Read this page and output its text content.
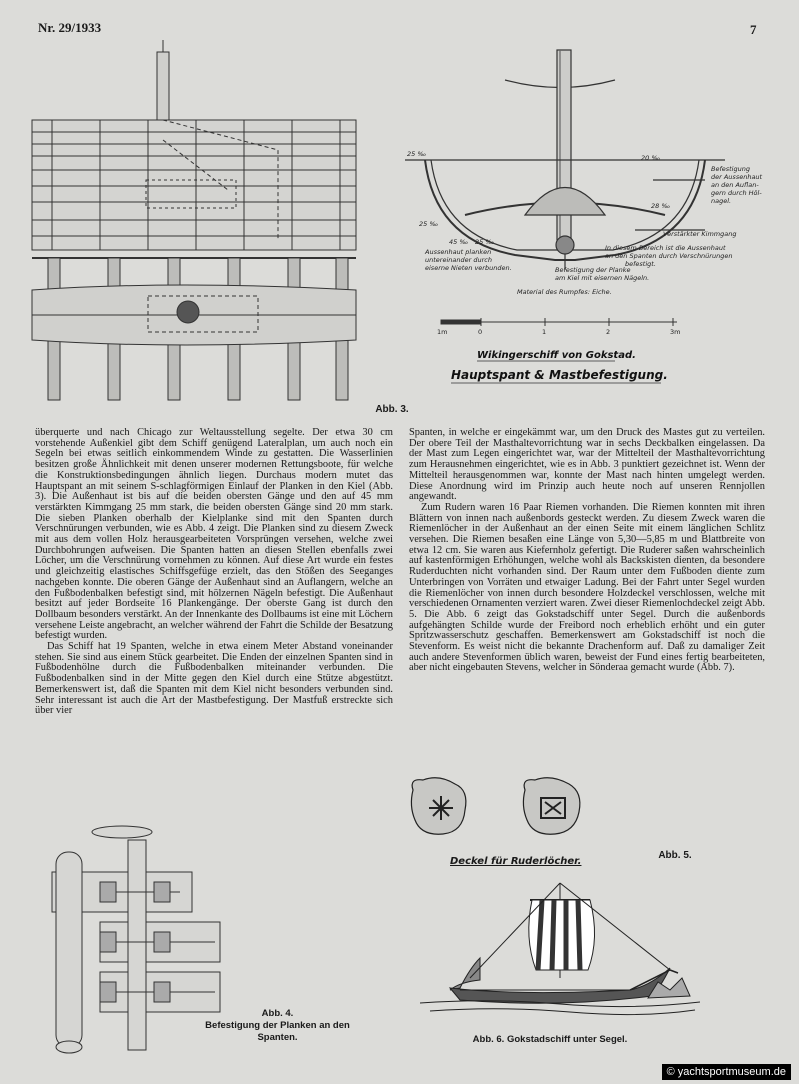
Nr. 29/1933	7
Befestigung
der Aussenhaut
an den Auflan-
gern durch Höl-
nagel.
Verstärkter Kimmgang
Aussenhaut planken
untereinander durch
eiserne Nieten verbunden.
In diesem Bereich ist die Aussenhaut
an den Spanten durch Verschnürungen
befestigt.
Befestigung der Planke
am Kiel mit eisernen Nägeln.
Material des Rumpfes: Eiche.
25 ‰
25 ‰
45 ‰ 25 ‰
20 ‰
28 ‰
1m	0	1	2	3m
Wikingerschiff von Gokstad.
Hauptspant & Mastbefestigung.
Abb. 3.

überquerte und nach Chicago zur Weltausstellung segelte. Der etwa 30 cm vorstehende Außenkiel gibt dem Schiff genügend Lateralplan, um auch noch ein Segeln bei etwas seitlich einkommendem Winde zu gestatten. Die Wasserlinien besitzen große Ähnlichkeit mit denen unserer modernen Rettungsboote, für welche die Konstruktionsbedingungen ähnlich liegen. Durchaus modern mutet das Hauptspant an mit seinem S-schlagförmigen Einlauf der Planken in den Kiel (Abb. 3). Die Außenhaut ist bis auf die beiden obersten Gänge und den auf 45 mm verstärkten Kimmgang 25 mm stark, die beiden obersten Gänge sind 20 mm stark. Die sieben Planken oberhalb der Kielplanke sind mit den Spanten durch Verschnürungen verbunden, wie es Abb. 4 zeigt. Die Planken sind zu diesem Zweck mit aus dem vollen Holz herausgearbeiteten Vorsprüngen versehen, welche zwei Durchbohrungen aufweisen. Die Spanten hatten an diesen Stellen ebenfalls zwei Löcher, um die Verschnürung vornehmen zu können. Auf diese Art wurde ein festes und gleichzeitig elastisches Schiffsgefüge erzielt, das den Stößen des Seeganges nachgeben konnte. Die oberen Gänge der Außenhaut sind an Auflangern, welche an den Fußbodenbalken befestigt sind, mit hölzernen Nägeln befestigt. Die Außenhaut besitzt auf jeder Bordseite 16 Plankengänge. Der oberste Gang ist durch den Dollbaum besonders verstärkt. An der Innenkante des Dollbaums ist eine mit Löchern versehene Leiste angebracht, an welcher während der Fahrt die Schilde der Besatzung befestigt wurden.

Das Schiff hat 19 Spanten, welche in etwa einem Meter Abstand voneinander stehen. Sie sind aus einem Stück gearbeitet. Die Enden der einzelnen Spanten sind in Fußbodenhölne durch die Fußbodenbalken miteinander verbunden. Die Fußbodenbalken sind in der Mitte gegen den Kiel durch eine Stütze abgestützt. Bemerkenswert ist, daß die Spanten mit dem Kiel nicht besonders verbunden sind. Sehr interessant ist auch die Art der Mastbefestigung. Der Mastfuß erstreckte sich über vier

Spanten, in welche er eingekämmt war, um den Druck des Mastes gut zu verteilen. Der obere Teil der Masthaltevorrichtung war in sechs Deckbalken eingelassen. Da der Mast zum Legen eingerichtet war, war der Mittelteil der Masthaltevorrichtung zum Herausnehmen eingerichtet, wie es in Abb. 3 punktiert gezeichnet ist. Wenn der Mittelteil herausgenommen war, konnte der Mast nach hinten umgelegt werden. Diese Anordnung wird im Prinzip auch heute noch auf unseren Rennjollen angewandt.

Zum Rudern waren 16 Paar Riemen vorhanden. Die Riemen konnten mit ihren Blättern von innen nach außenbords gesteckt werden. Zu diesem Zweck waren die Riemenlöcher in der Außenhaut an der einen Seite mit einem länglichen Schlitz versehen. Die Riemen besaßen eine Länge von 5,30—5,85 m und Blattbreite von etwa 12 cm. Sie waren aus Kiefernholz gefertigt. Die Ruderer saßen wahrscheinlich auf kastenförmigen Erhöhungen, welche wohl als Backskisten dienten, da besondere Ruderduchten nicht vorhanden sind. Der Raum unter dem Fußboden diente zum Unterbringen von Vorräten und etwaiger Ladung. Bei der Fahrt unter Segel wurden die Riemenlöcher von innen durch besondere Holzdeckel verschlossen, welche mit verschiedenen Ornamenten verziert waren. Zwei dieser Riemenlochdeckel zeigt Abb. 5. Die Abb. 6 zeigt das Gokstadschiff unter Segel. Durch die außenbords aufgehängten Schilde wurde der Freibord noch erheblich erhöht und ein guter Spritzwasserschutz geschaffen. Bemerkenswert am Gokstadschiff ist noch die Stevenform. Es weist nicht die bekannte Drachenform auf. Daß zu damaliger Zeit auch andere Stevenformen üblich waren, beweist der Fund eines fertig bearbeiteten, aber nicht eingebauten Stevens, welcher in Sönderaa gemacht wurde (Abb. 7).

Abb. 4.
Befestigung der Planken an den Spanten.
Deckel für Ruderlöcher.
Abb. 5.
Abb. 6. Gokstadschiff unter Segel.
© yachtsportmuseum.de
